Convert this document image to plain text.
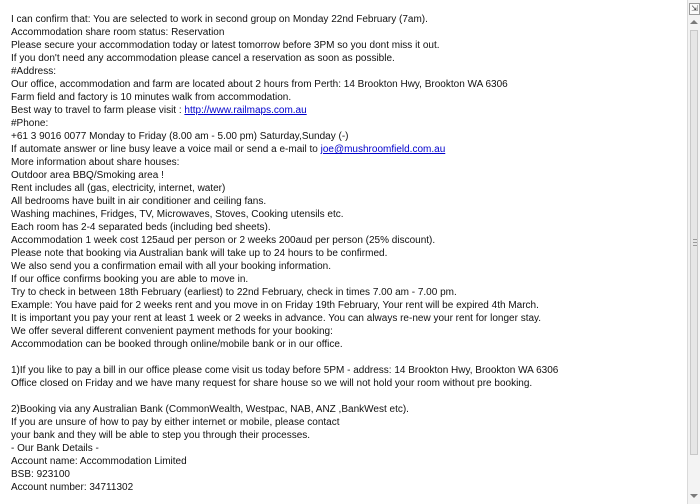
I can confirm that: You are selected to work in second group on Monday 22nd February (7am).
Accommodation share room status: Reservation
Please secure your accommodation today or latest tomorrow before 3PM so you dont miss it out.
If you don't need any accommodation please cancel a reservation as soon as possible.
#Address:
Our office, accommodation and farm are located about 2 hours from Perth: 14 Brookton Hwy, Brookton WA 6306
Farm field and factory is 10 minutes walk from accommodation.
Best way to travel to farm please visit : http://www.railmaps.com.au
#Phone:
+61 3 9016 0077 Monday to Friday (8.00 am - 5.00 pm) Saturday,Sunday (-)
If automate answer or line busy leave a voice mail or send a e-mail to joe@mushroomfield.com.au
More information about share houses:
Outdoor area BBQ/Smoking area !
Rent includes all (gas, electricity, internet, water)
All bedrooms have built in air conditioner and ceiling fans.
Washing machines, Fridges, TV, Microwaves, Stoves, Cooking utensils etc.
Each room has 2-4 separated beds (including bed sheets).
Accommodation 1 week cost 125aud per person or 2 weeks 200aud per person (25% discount).
Please note that booking via Australian bank will take up to 24 hours to be confirmed.
We also send you a confirmation email with all your booking information.
If our office confirms booking you are able to move in.
Try to check in between 18th February (earliest) to 22nd February, check in times 7.00 am - 7.00 pm.
Example: You have paid for 2 weeks rent and you move in on Friday 19th February, Your rent will be expired 4th March.
It is important you pay your rent at least 1 week or 2 weeks in advance. You can always re-new your rent for longer stay.
We offer several different convenient payment methods for your booking:
Accommodation can be booked through online/mobile bank or in our office.
1)If you like to pay a bill in our office please come visit us today before 5PM - address: 14 Brookton Hwy, Brookton WA 6306
Office closed on Friday and we have many request for share house so we will not hold your room without pre booking.
2)Booking via any Australian Bank (CommonWealth, Westpac, NAB, ANZ ,BankWest etc).
If you are unsure of how to pay by either internet or mobile, please contact
your bank and they will be able to step you through their processes.
- Our Bank Details -
Account name: Accommodation Limited
BSB: 923100
Account number: 34711302
⇲
